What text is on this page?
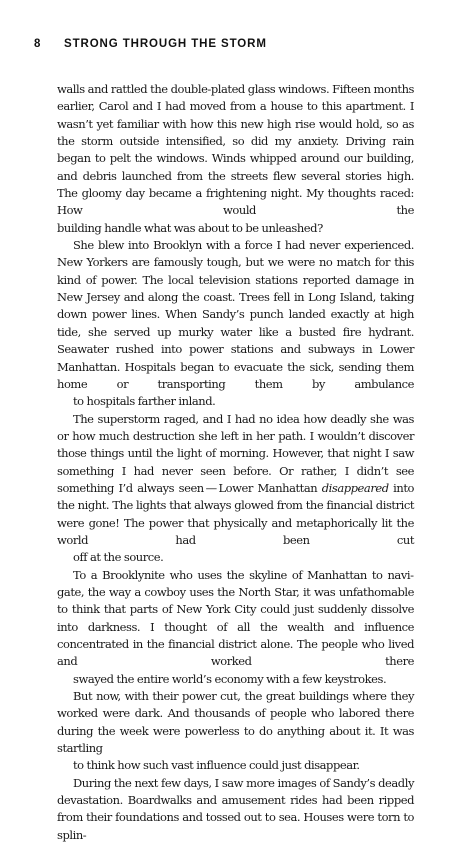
8	STRONG THROUGH THE STORM

walls and rattled the double-plated glass windows. Fifteen months earlier, Carol and I had moved from a house to this apartment. I wasn’t yet familiar with how this new high rise would hold, so as the storm outside intensified, so did my anxiety. Driving rain began to pelt the windows. Winds whipped around our building, and debris launched from the streets flew several stories high. The gloomy day became a frightening night. My thoughts raced: How would the
building handle what was about to be unleashed?

She blew into Brooklyn with a force I had never experienced. New Yorkers are famously tough, but we were no match for this kind of power. The local television stations reported damage in New Jersey and along the coast. Trees fell in Long Island, taking down power lines. When Sandy’s punch landed exactly at high tide, she served up murky water like a busted fire hydrant. Seawater rushed into power stations and subways in Lower Manhattan. Hospitals began to evacuate the sick, sending them home or transporting them by ambulance
to hospitals farther inland.

The superstorm raged, and I had no idea how deadly she was or how much destruction she left in her path. I wouldn’t discover those things until the light of morning. However, that night I saw something I had never seen before. Or rather, I didn’t see something I’d always seen — Lower Manhattan disappeared into the night. The lights that always glowed from the financial district were gone! The power that physically and metaphorically lit the world had been cut
off at the source.

To a Brooklynite who uses the skyline of Manhattan to navigate, the way a cowboy uses the North Star, it was unfathomable to think that parts of New York City could just suddenly dissolve into darkness. I thought of all the wealth and influence concentrated in the financial district alone. The people who lived and worked there
swayed the entire world’s economy with a few keystrokes.

But now, with their power cut, the great buildings where they worked were dark. And thousands of people who labored there during the week were powerless to do anything about it. It was startling
to think how such vast influence could just disappear.

During the next few days, I saw more images of Sandy’s deadly devastation. Boardwalks and amusement rides had been ripped from their foundations and tossed out to sea. Houses were torn to splin-
